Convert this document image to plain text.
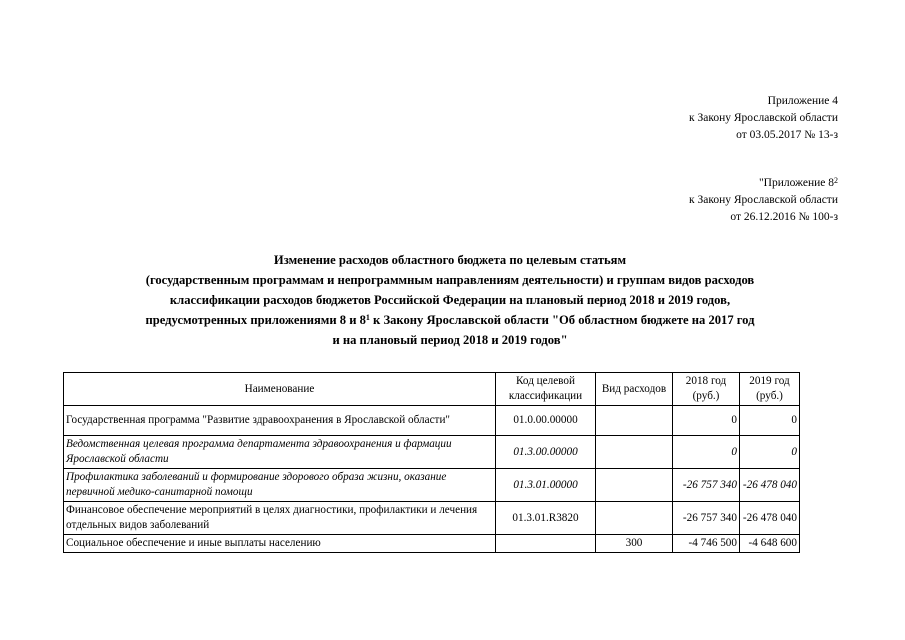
Приложение 4
к Закону Ярославской области
от 03.05.2017 № 13-з
"Приложение $8^2$
к Закону Ярославской области
от 26.12.2016 № 100-з
Изменение расходов областного бюджета по целевым статьям
(государственным программам и непрограммным направлениям деятельности) и группам видов расходов
классификации расходов бюджетов Российской Федерации на плановый период 2018 и 2019 годов,
предусмотренных приложениями 8 и $8^1$ к Закону Ярославской области "Об областном бюджете на 2017 год
и на плановый период 2018 и 2019 годов"
Наименование	Код целевой классификации	Вид расходов	2018 год (руб.)	2019 год (руб.)
Государственная программа "Развитие здравоохранения в Ярославской области"	01.0.00.00000		0	0
Ведомственная целевая программа департамента здравоохранения и фармации Ярославской области	01.3.00.00000		0	0
Профилактика заболеваний и формирование здорового образа жизни, оказание первичной медико-санитарной помощи	01.3.01.00000		-26 757 340	-26 478 040
Финансовое обеспечение мероприятий в целях диагностики, профилактики и лечения отдельных видов заболеваний	01.3.01.R3820		-26 757 340	-26 478 040
Социальное обеспечение и иные выплаты населению		300	-4 746 500	-4 648 600
